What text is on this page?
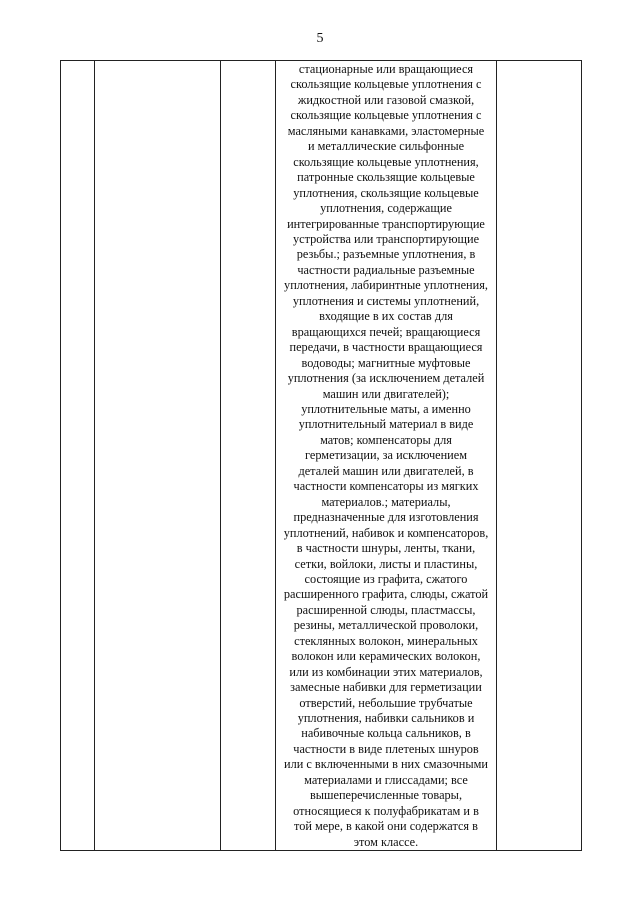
5

стационарные или вращающиеся
скользящие кольцевые уплотнения с
жидкостной или газовой смазкой,
скользящие кольцевые уплотнения с
масляными канавками, эластомерные
и металлические сильфонные
скользящие кольцевые уплотнения,
патронные скользящие кольцевые
уплотнения, скользящие кольцевые
уплотнения, содержащие
интегрированные транспортирующие
устройства или транспортирующие
резьбы.; разъемные уплотнения, в
частности радиальные разъемные
уплотнения, лабиринтные уплотнения,
уплотнения и системы уплотнений,
входящие в их состав для
вращающихся печей; вращающиеся
передачи, в частности вращающиеся
водоводы; магнитные муфтовые
уплотнения (за исключением деталей
машин или двигателей);
уплотнительные маты, а именно
уплотнительный материал в виде
матов; компенсаторы для
герметизации, за исключением
деталей машин или двигателей, в
частности компенсаторы из мягких
материалов.; материалы,
предназначенные для изготовления
уплотнений, набивок и компенсаторов,
в частности шнуры, ленты, ткани,
сетки, войлоки, листы и пластины,
состоящие из графита, сжатого
расширенного графита, слюды, сжатой
расширенной слюды, пластмассы,
резины, металлической проволоки,
стеклянных волокон, минеральных
волокон или керамических волокон,
или из комбинации этих материалов,
замесные набивки для герметизации
отверстий, небольшие трубчатые
уплотнения, набивки сальников и
набивочные кольца сальников, в
частности в виде плетеных шнуров
или с включенными в них смазочными
материалами и глиссадами; все
вышеперечисленные товары,
относящиеся к полуфабрикатам и в
той мере, в какой они содержатся в
этом классе.
